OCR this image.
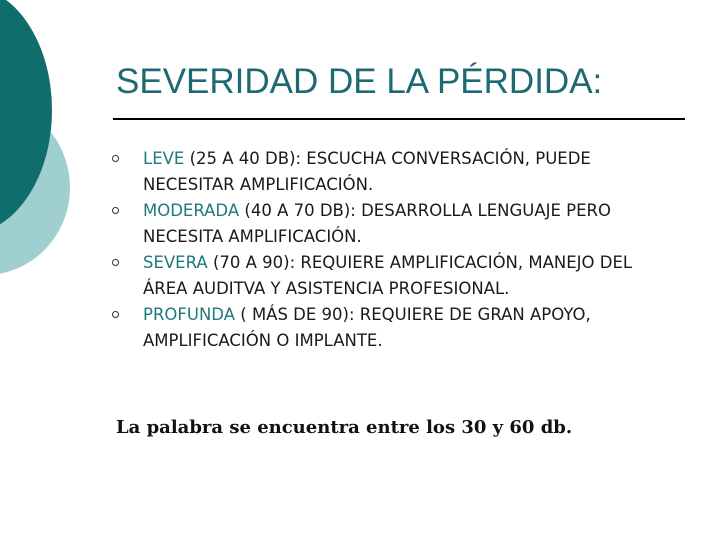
SEVERIDAD DE LA PÉRDIDA:
LEVE (25 A 40 DB): ESCUCHA CONVERSACIÓN, PUEDE NECESITAR AMPLIFICACIÓN.
MODERADA (40 A 70 DB): DESARROLLA LENGUAJE PERO NECESITA AMPLIFICACIÓN.
SEVERA (70 A 90): REQUIERE AMPLIFICACIÓN, MANEJO DEL ÁREA AUDITVA Y ASISTENCIA PROFESIONAL.
PROFUNDA ( MÁS DE 90): REQUIERE DE GRAN APOYO, AMPLIFICACIÓN O IMPLANTE.

La palabra se encuentra entre los 30 y 60 db.
